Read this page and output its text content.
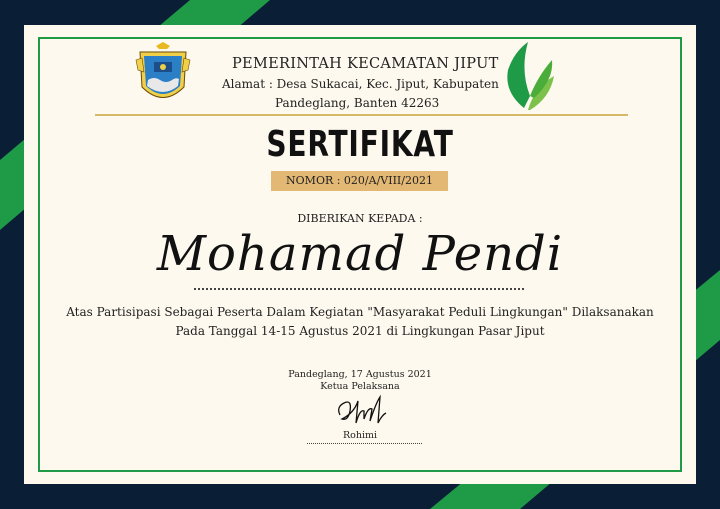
PEMERINTAH KECAMATAN JIPUT
Alamat : Desa Sukacai, Kec. Jiput, Kabupaten
Pandeglang, Banten 42263
SERTIFIKAT
NOMOR : 020/A/VIII/2021
DIBERIKAN KEPADA :
Mohamad Pendi
Atas Partisipasi Sebagai Peserta Dalam Kegiatan "Masyarakat Peduli Lingkungan" Dilaksanakan
Pada Tanggal 14-15 Agustus 2021 di Lingkungan Pasar Jiput
Pandeglang, 17 Agustus 2021
Ketua Pelaksana
Rohimi
